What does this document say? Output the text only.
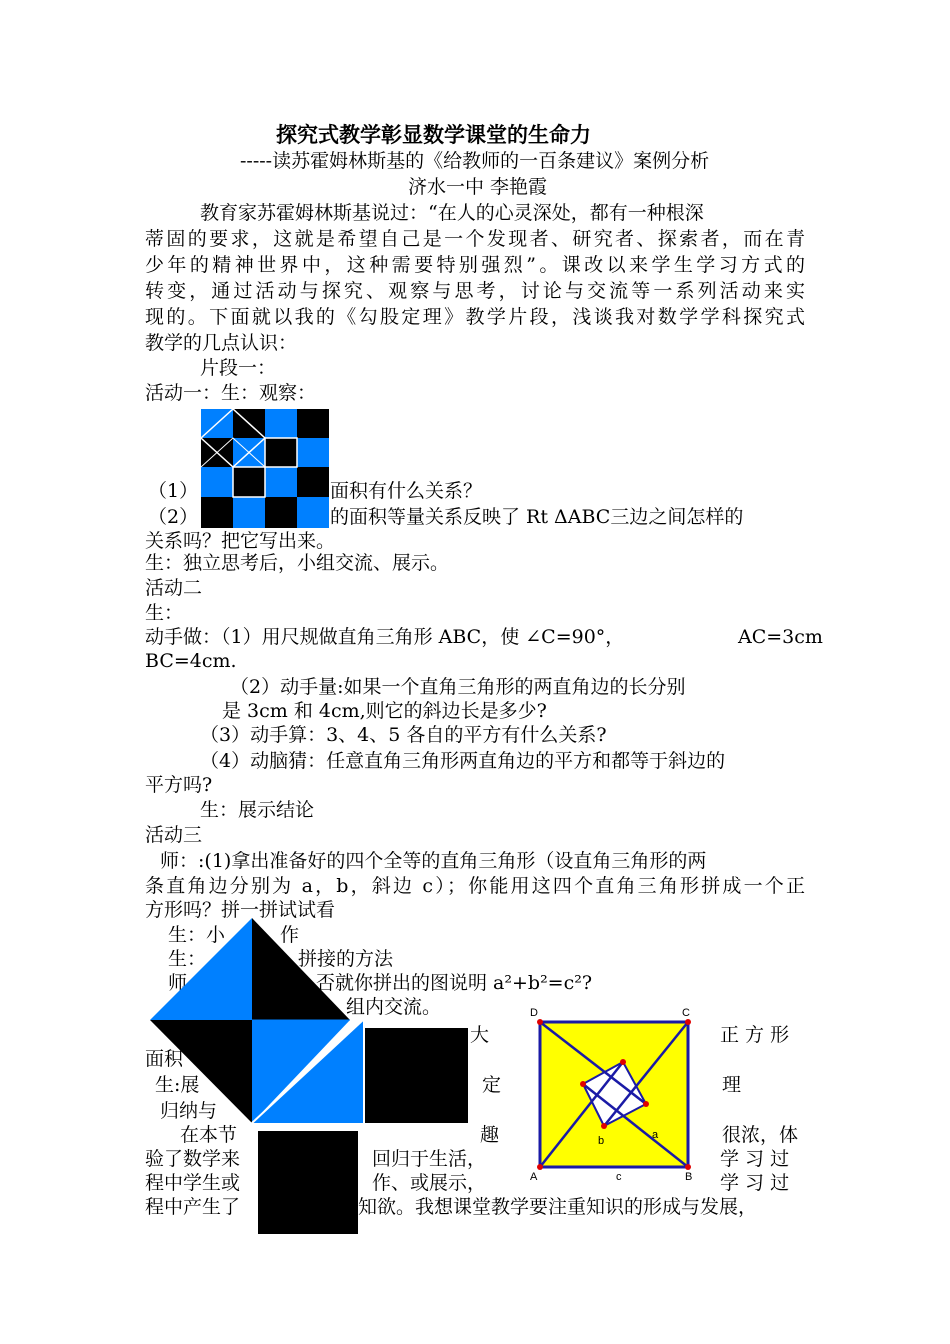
探究式教学彰显数学课堂的生命力
-----读苏霍姆林斯基的《给教师的一百条建议》案例分析
济水一中 李艳霞
教育家苏霍姆林斯基说过：“在人的心灵深处，都有一种根深
蒂固的要求，这就是希望自己是一个发现者、研究者、探索者，而在青
少年的精神世界中，这种需要特别强烈”。课改以来学生学习方式的
转变，通过活动与探究、观察与思考，讨论与交流等一系列活动来实
现的。下面就以我的《勾股定理》教学片段，浅谈我对数学学科探究式
教学的几点认识：
片段一：
活动一：生：观察：
（1）	面积有什么关系？
（2）	的面积等量关系反映了 Rt ΔABC三边之间怎样的
关系吗？把它写出来。
生：独立思考后，小组交流、展示。
活动二
生：
动手做：（1）用尺规做直角三角形 ABC，使 ∠C=90°，	AC=3cm
BC=4cm.
（2）动手量:如果一个直角三角形的两直角边的长分别
是 3cm 和 4cm,则它的斜边长是多少?
（3）动手算：3、4、5 各自的平方有什么关系?
（4）动脑猜：任意直角三角形两直角边的平方和都等于斜边的
平方吗?
生：展示结论
活动三
师：:(1)拿出准备好的四个全等的直角三角形（设直角三角形的两
条直角边分别为 a，b，斜边 c）；你能用这四个直角三角形拼成一个正
方形吗？拼一拼试试看
生：小	作
生：	拼接的方法
师	否就你拼出的图说明 a²+b²=c²?
组内交流。
大	正 方 形
面积
生:展	定	理
归纳与
在本节	趣	很浓，体
验了数学来	回归于生活，	学 习 过
程中学生或	作、或展示，	学 习 过
程中产生了	知欲。我想课堂教学要注重知识的形成与发展，
D	C
A	B
a
b
c
